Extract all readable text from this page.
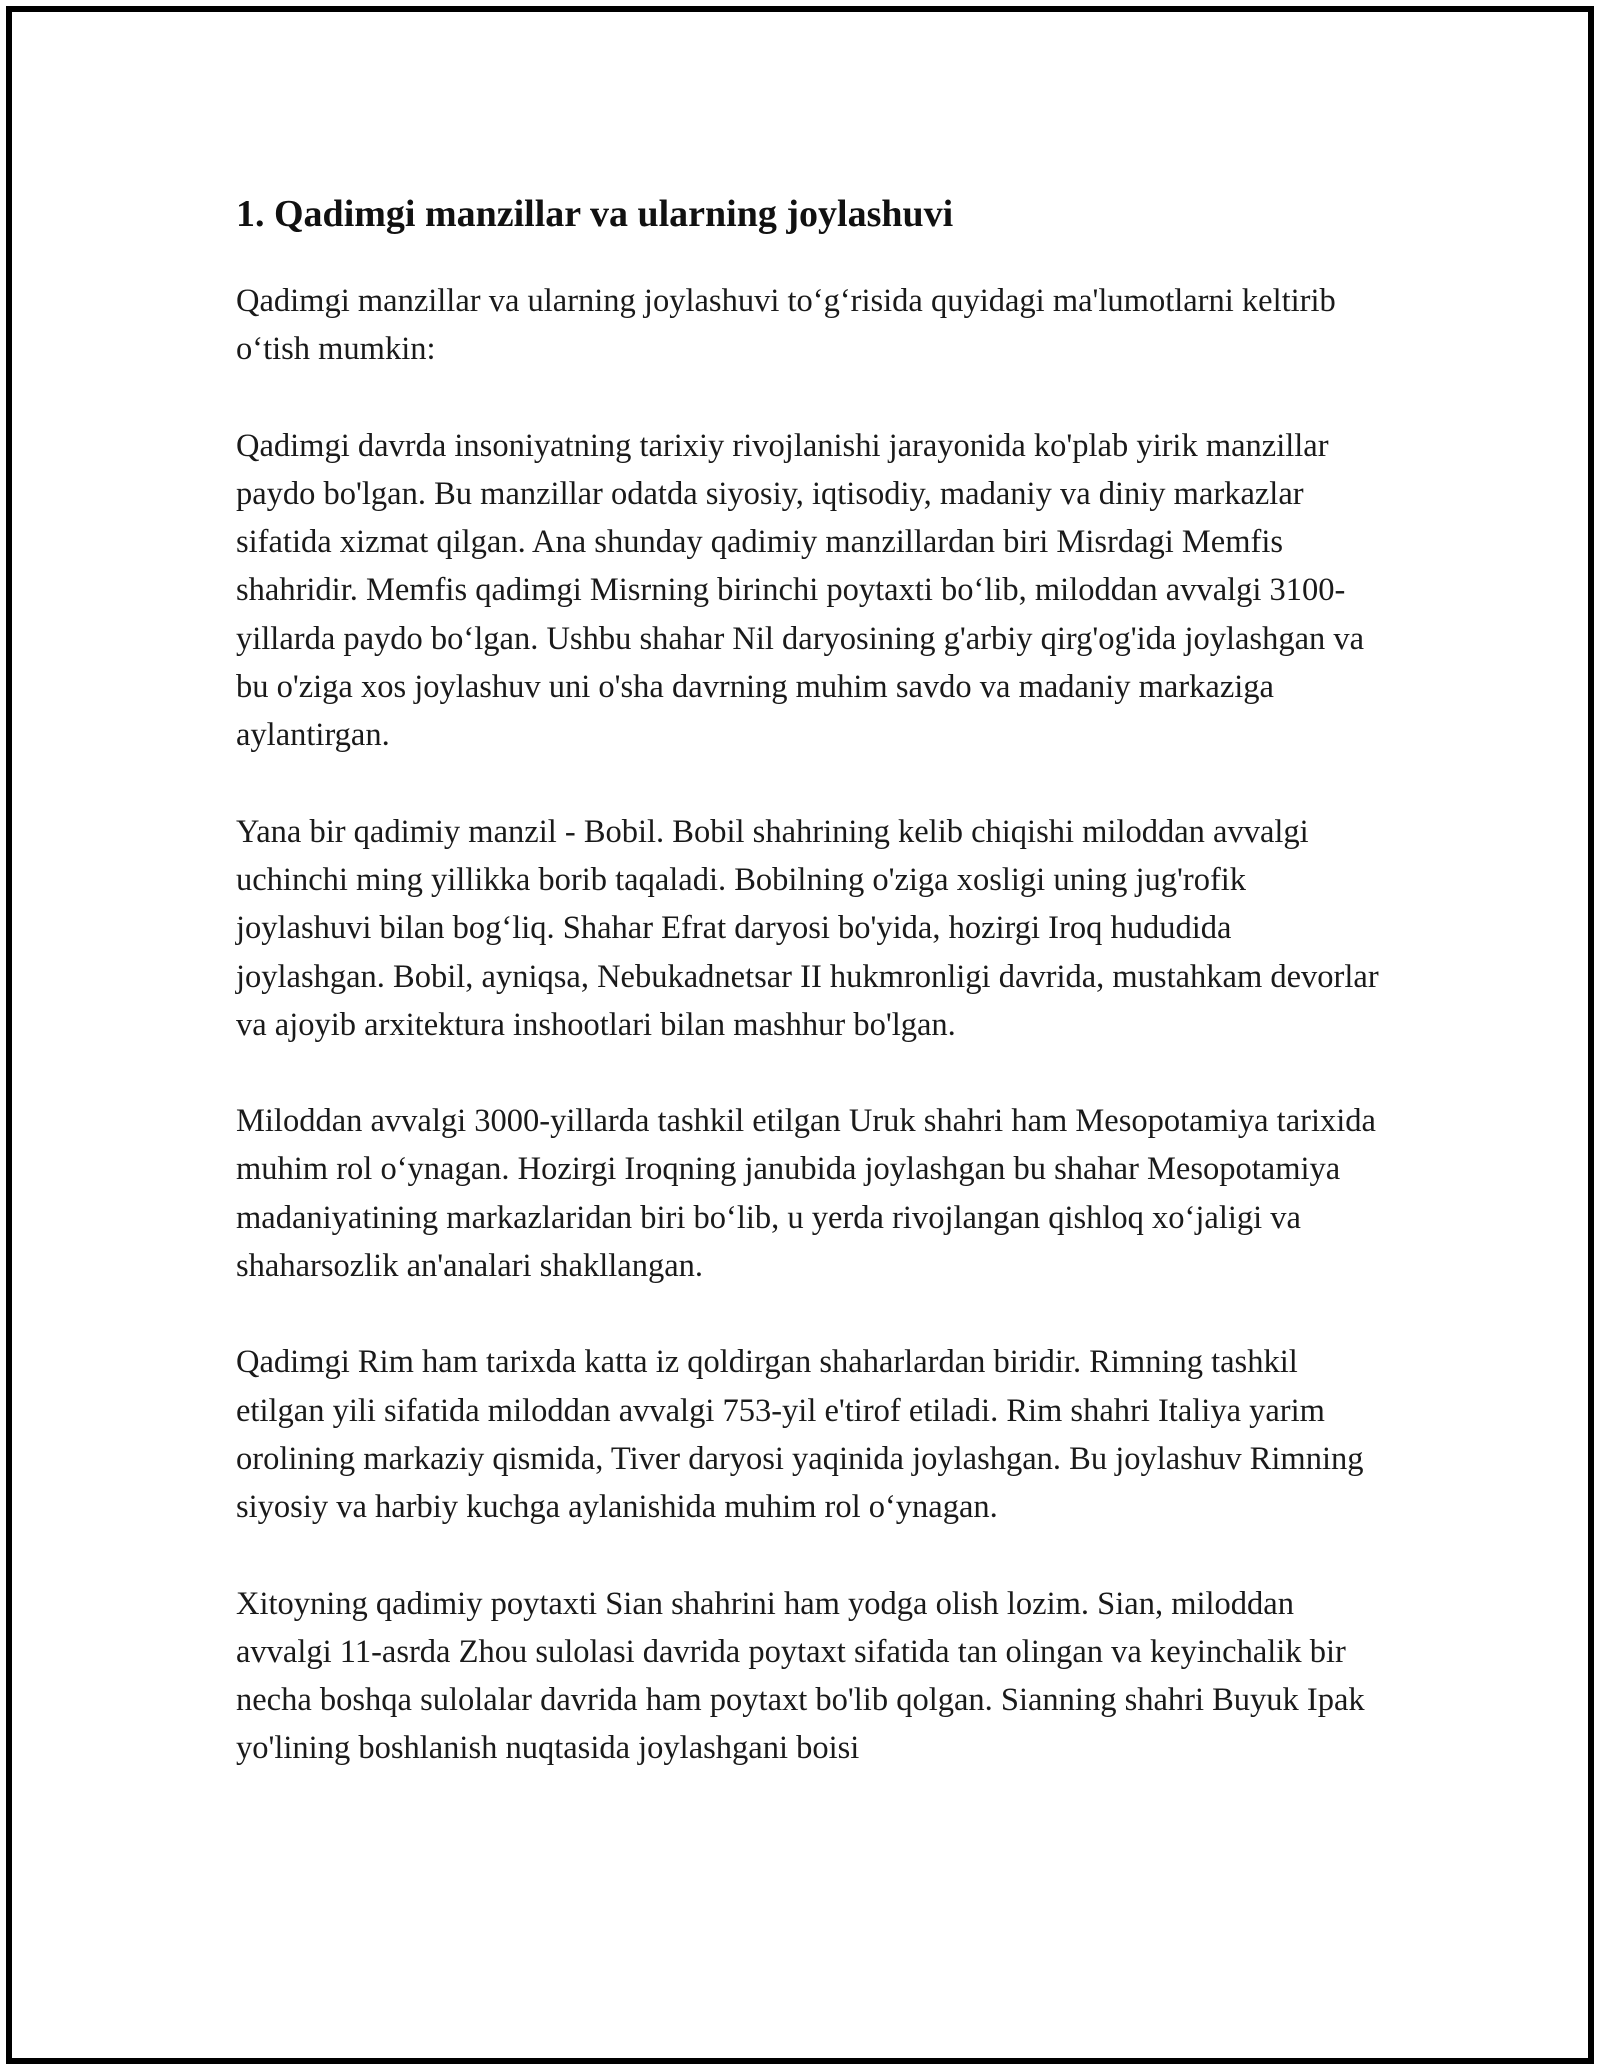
1. Qadimgi manzillar va ularning joylashuvi

Qadimgi manzillar va ularning joylashuvi to‘g‘risida quyidagi ma'lumotlarni keltirib o‘tish mumkin:

Qadimgi davrda insoniyatning tarixiy rivojlanishi jarayonida ko'plab yirik manzillar paydo bo'lgan. Bu manzillar odatda siyosiy, iqtisodiy, madaniy va diniy markazlar sifatida xizmat qilgan. Ana shunday qadimiy manzillardan biri Misrdagi Memfis shahridir. Memfis qadimgi Misrning birinchi poytaxti bo‘lib, miloddan avvalgi 3100-yillarda paydo bo‘lgan. Ushbu shahar Nil daryosining g'arbiy qirg'og'ida joylashgan va bu o'ziga xos joylashuv uni o'sha davrning muhim savdo va madaniy markaziga aylantirgan.

Yana bir qadimiy manzil - Bobil. Bobil shahrining kelib chiqishi miloddan avvalgi uchinchi ming yillikka borib taqaladi. Bobilning o'ziga xosligi uning jug'rofik joylashuvi bilan bog‘liq. Shahar Efrat daryosi bo'yida, hozirgi Iroq hududida joylashgan. Bobil, ayniqsa, Nebukadnetsar II hukmronligi davrida, mustahkam devorlar va ajoyib arxitektura inshootlari bilan mashhur bo'lgan.

Miloddan avvalgi 3000-yillarda tashkil etilgan Uruk shahri ham Mesopotamiya tarixida muhim rol o‘ynagan. Hozirgi Iroqning janubida joylashgan bu shahar Mesopotamiya madaniyatining markazlaridan biri bo‘lib, u yerda rivojlangan qishloq xo‘jaligi va shaharsozlik an'analari shakllangan.

Qadimgi Rim ham tarixda katta iz qoldirgan shaharlardan biridir. Rimning tashkil etilgan yili sifatida miloddan avvalgi 753-yil e'tirof etiladi. Rim shahri Italiya yarim orolining markaziy qismida, Tiver daryosi yaqinida joylashgan. Bu joylashuv Rimning siyosiy va harbiy kuchga aylanishida muhim rol o‘ynagan.

Xitoyning qadimiy poytaxti Sian shahrini ham yodga olish lozim. Sian, miloddan avvalgi 11-asrda Zhou sulolasi davrida poytaxt sifatida tan olingan va keyinchalik bir necha boshqa sulolalar davrida ham poytaxt bo'lib qolgan. Sianning shahri Buyuk Ipak yo'lining boshlanish nuqtasida joylashgani boisi
